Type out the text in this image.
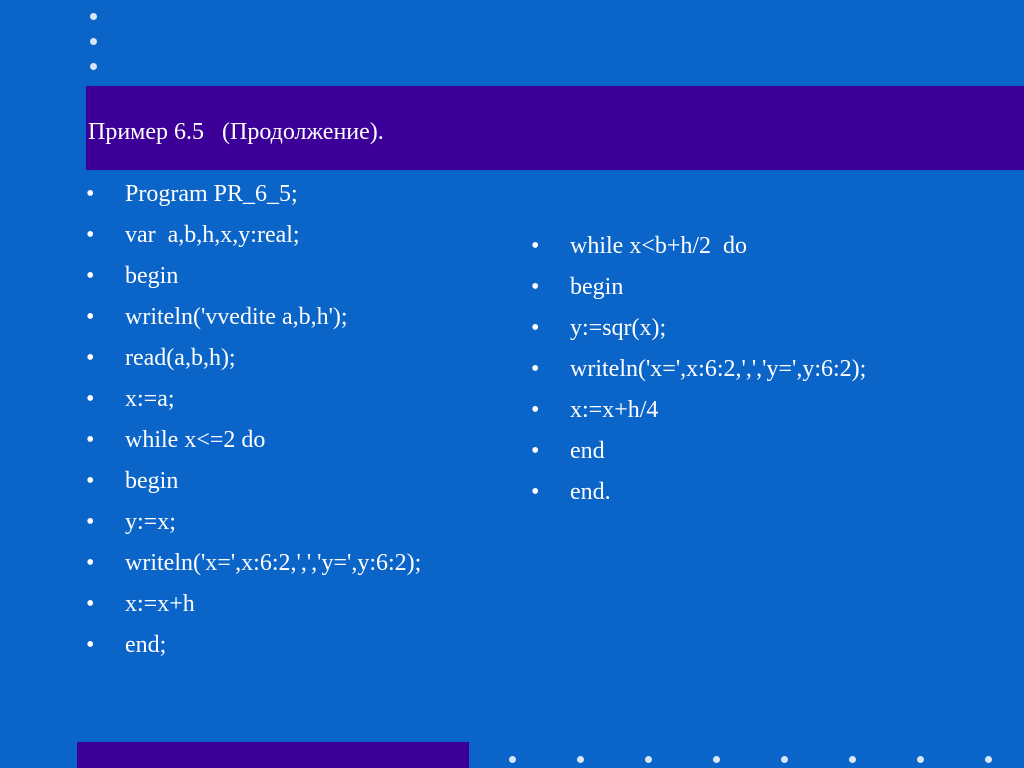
Пример 6.5   (Продолжение).
• Program PR_6_5;
• var  a,b,h,x,y:real;
• begin
• writeln('vvedite a,b,h');
• read(a,b,h);
• x:=a;
• while x<=2 do
• begin
• y:=x;
• writeln('x=',x:6:2,',','y=',y:6:2);
• x:=x+h
• end;
• while x<b+h/2  do
• begin
• y:=sqr(x);
• writeln('x=',x:6:2,',','y=',y:6:2);
• x:=x+h/4
• end
• end.
